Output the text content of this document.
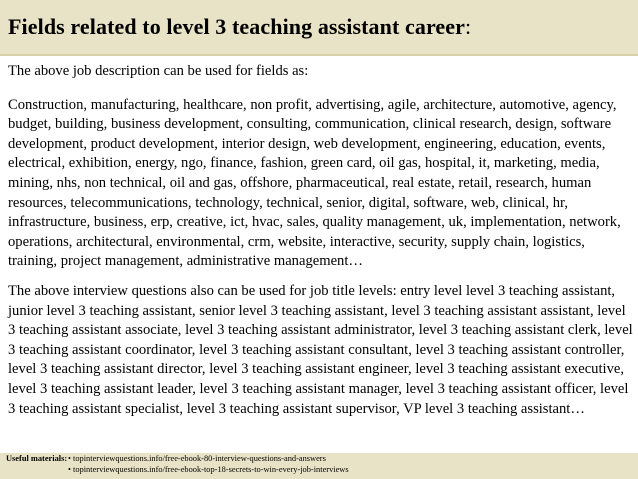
Fields related to level 3 teaching assistant career:

The above job description can be used for fields as:

Construction, manufacturing, healthcare, non profit, advertising, agile, architecture, automotive, agency, budget, building, business development, consulting, communication, clinical research, design, software development, product development, interior design, web development, engineering, education, events, electrical, exhibition, energy, ngo, finance, fashion, green card, oil gas, hospital, it, marketing, media, mining, nhs, non technical, oil and gas, offshore, pharmaceutical, real estate, retail, research, human resources, telecommunications, technology, technical, senior, digital, software, web, clinical, hr, infrastructure, business, erp, creative, ict, hvac, sales, quality management, uk, implementation, network, operations, architectural, environmental, crm, website, interactive, security, supply chain, logistics, training, project management, administrative management…

The above interview questions also can be used for job title levels: entry level level 3 teaching assistant, junior level 3 teaching assistant, senior level 3 teaching assistant, level 3 teaching assistant assistant, level 3 teaching assistant associate, level 3 teaching assistant administrator, level 3 teaching assistant clerk, level 3 teaching assistant coordinator, level 3 teaching assistant consultant, level 3 teaching assistant controller, level 3 teaching assistant director, level 3 teaching assistant engineer, level 3 teaching assistant executive, level 3 teaching assistant leader, level 3 teaching assistant manager, level 3 teaching assistant officer, level 3 teaching assistant specialist, level 3 teaching assistant supervisor, VP level 3 teaching assistant…

Useful materials: • topinterviewquestions.info/free-ebook-80-interview-questions-and-answers
• topinterviewquestions.info/free-ebook-top-18-secrets-to-win-every-job-interviews
